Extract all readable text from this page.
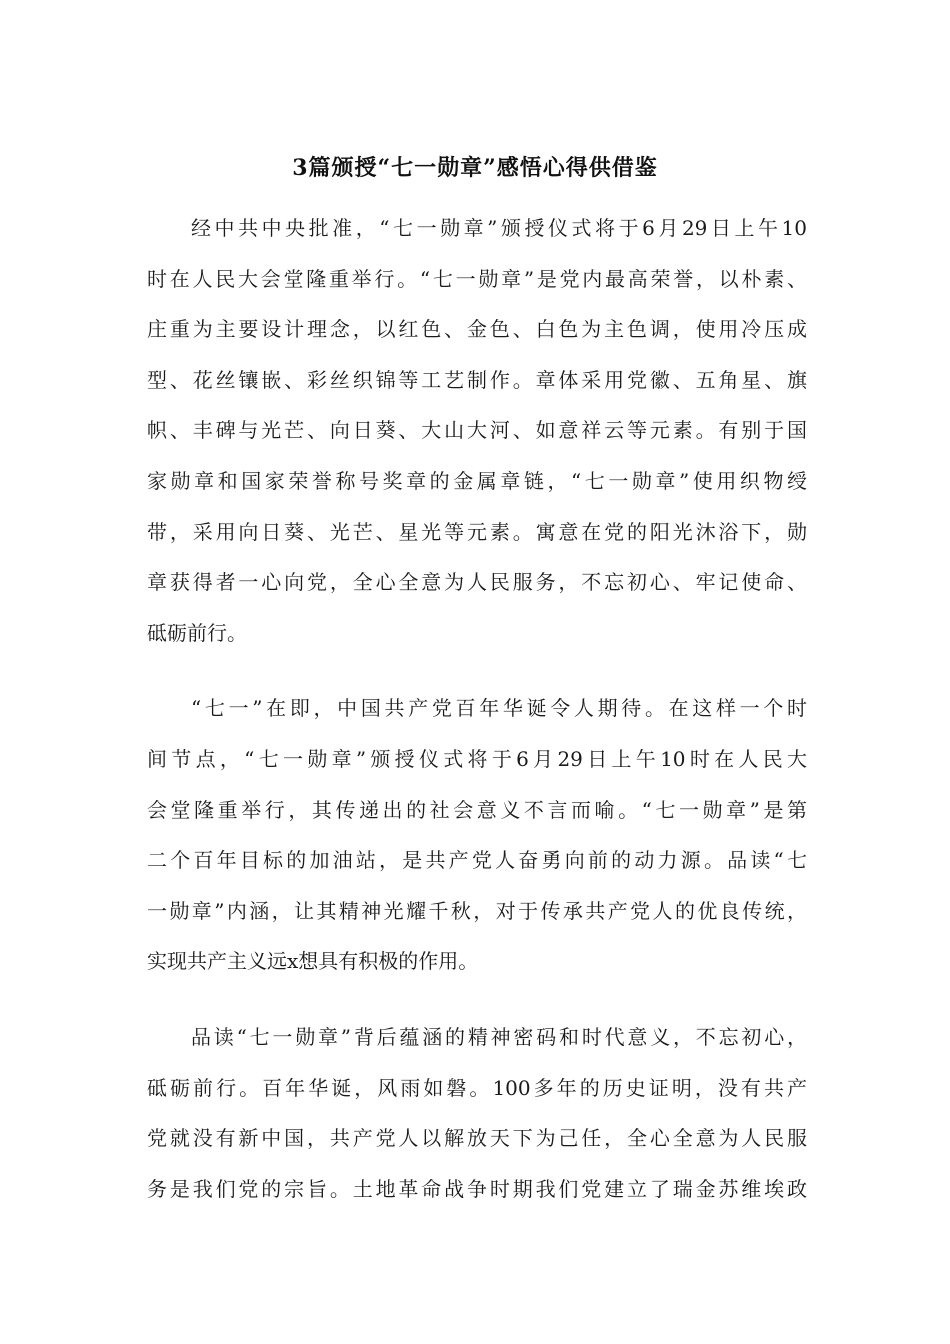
3篇颁授“七一勋章”感悟心得供借鉴
经中共中央批准，“七一勋章”颁授仪式将于6月29日上午10
时在人民大会堂隆重举行。“七一勋章”是党内最高荣誉，以朴素、
庄重为主要设计理念，以红色、金色、白色为主色调，使用冷压成
型、花丝镶嵌、彩丝织锦等工艺制作。章体采用党徽、五角星、旗
帜、丰碑与光芒、向日葵、大山大河、如意祥云等元素。有别于国
家勋章和国家荣誉称号奖章的金属章链，“七一勋章”使用织物绶
带，采用向日葵、光芒、星光等元素。寓意在党的阳光沐浴下，勋
章获得者一心向党，全心全意为人民服务，不忘初心、牢记使命、
砥砺前行。
“七一”在即，中国共产党百年华诞令人期待。在这样一个时
间节点，“七一勋章”颁授仪式将于6月29日上午10时在人民大
会堂隆重举行，其传递出的社会意义不言而喻。“七一勋章”是第
二个百年目标的加油站，是共产党人奋勇向前的动力源。品读“七
一勋章”内涵，让其精神光耀千秋，对于传承共产党人的优良传统，
实现共产主义远x想具有积极的作用。
品读“七一勋章”背后蕴涵的精神密码和时代意义，不忘初心，
砥砺前行。百年华诞，风雨如磐。100多年的历史证明，没有共产
党就没有新中国，共产党人以解放天下为己任，全心全意为人民服
务是我们党的宗旨。土地革命战争时期我们党建立了瑞金苏维埃政
